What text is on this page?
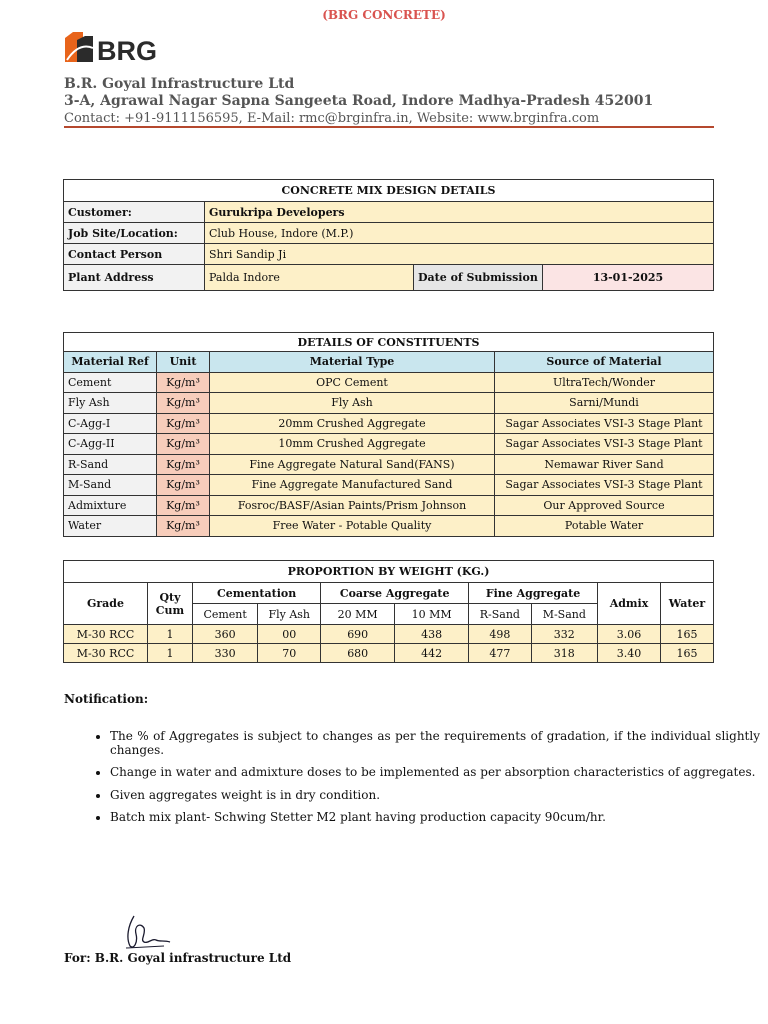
(BRG CONCRETE)
BRG
B.R. Goyal Infrastructure Ltd
3-A, Agrawal Nagar Sapna Sangeeta Road, Indore Madhya-Pradesh 452001
Contact: +91-9111156595, E-Mail: rmc@brginfra.in, Website: www.brginfra.com
CONCRETE MIX DESIGN DETAILS			
Customer:	Gurukripa Developers		
Job Site/Location:	Club House, Indore (M.P.)		
Contact Person	Shri Sandip Ji		
Plant Address	Palda Indore	Date of Submission	13-01-2025
DETAILS OF CONSTITUENTS			
Material Ref	Unit	Material Type	Source of Material
Cement	Kg/m³	OPC Cement	UltraTech/Wonder
Fly Ash	Kg/m³	Fly Ash	Sarni/Mundi
C-Agg-I	Kg/m³	20mm Crushed Aggregate	Sagar Associates VSI-3 Stage Plant
C-Agg-II	Kg/m³	10mm Crushed Aggregate	Sagar Associates VSI-3 Stage Plant
R-Sand	Kg/m³	Fine Aggregate Natural Sand(FANS)	Nemawar River Sand
M-Sand	Kg/m³	Fine Aggregate Manufactured Sand	Sagar Associates VSI-3 Stage Plant
Admixture	Kg/m³	Fosroc/BASF/Asian Paints/Prism Johnson	Our Approved Source
Water	Kg/m³	Free Water - Potable Quality	Potable Water
PROPORTION BY WEIGHT (KG.)									
Grade	Qty Cum	Cementation		Coarse Aggregate		Fine Aggregate		Admix	Water
		Cement	Fly Ash	20 MM	10 MM	R-Sand	M-Sand		
M-30 RCC	1	360	00	690	438	498	332	3.06	165
M-30 RCC	1	330	70	680	442	477	318	3.40	165
Notification:
• The % of Aggregates is subject to changes as per the requirements of gradation, if the individual slightly changes.
• Change in water and admixture doses to be implemented as per absorption characteristics of aggregates.
• Given aggregates weight is in dry condition.
• Batch mix plant- Schwing Stetter M2 plant having production capacity 90cum/hr.
For: B.R. Goyal infrastructure Ltd
